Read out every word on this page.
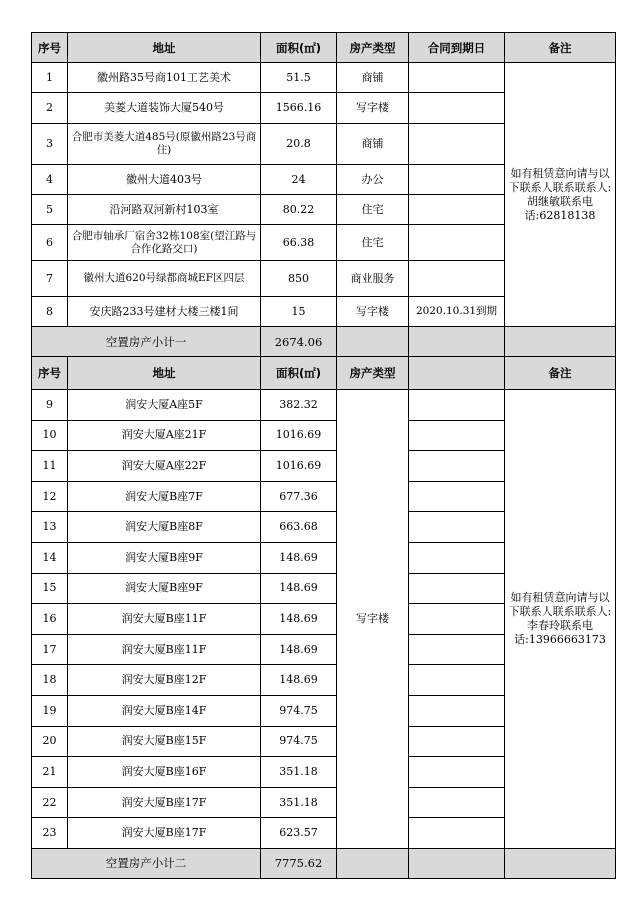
序号	地址	面积(㎡)	房产类型	合同到期日	备注
1	徽州路35号商101工艺美术	51.5	商铺		如有租赁意向请与以下联系人联系联系人:胡继敏联系电话:62818138
2	美菱大道装饰大厦540号	1566.16	写字楼		
3	合肥市美菱大道485号(原徽州路23号商住)	20.8	商铺		
4	徽州大道403号	24	办公		
5	沿河路双河新村103室	80.22	住宅		
6	合肥市轴承厂宿舍32栋108室(望江路与合作化路交口)	66.38	住宅		
7	徽州大道620号绿都商城EF区四层	850	商业服务		
8	安庆路233号建材大楼三楼1间	15	写字楼	2020.10.31到期	
空置房产小计一		2674.06			
序号	地址	面积(㎡)	房产类型		备注
9	润安大厦A座5F	382.32	写字楼		如有租赁意向请与以下联系人联系联系人:李春玲联系电话:13966663173
10	润安大厦A座21F	1016.69			
11	润安大厦A座22F	1016.69			
12	润安大厦B座7F	677.36			
13	润安大厦B座8F	663.68			
14	润安大厦B座9F	148.69			
15	润安大厦B座9F	148.69			
16	润安大厦B座11F	148.69			
17	润安大厦B座11F	148.69			
18	润安大厦B座12F	148.69			
19	润安大厦B座14F	974.75			
20	润安大厦B座15F	974.75			
21	润安大厦B座16F	351.18			
22	润安大厦B座17F	351.18			
23	润安大厦B座17F	623.57			
空置房产小计二		7775.62			
